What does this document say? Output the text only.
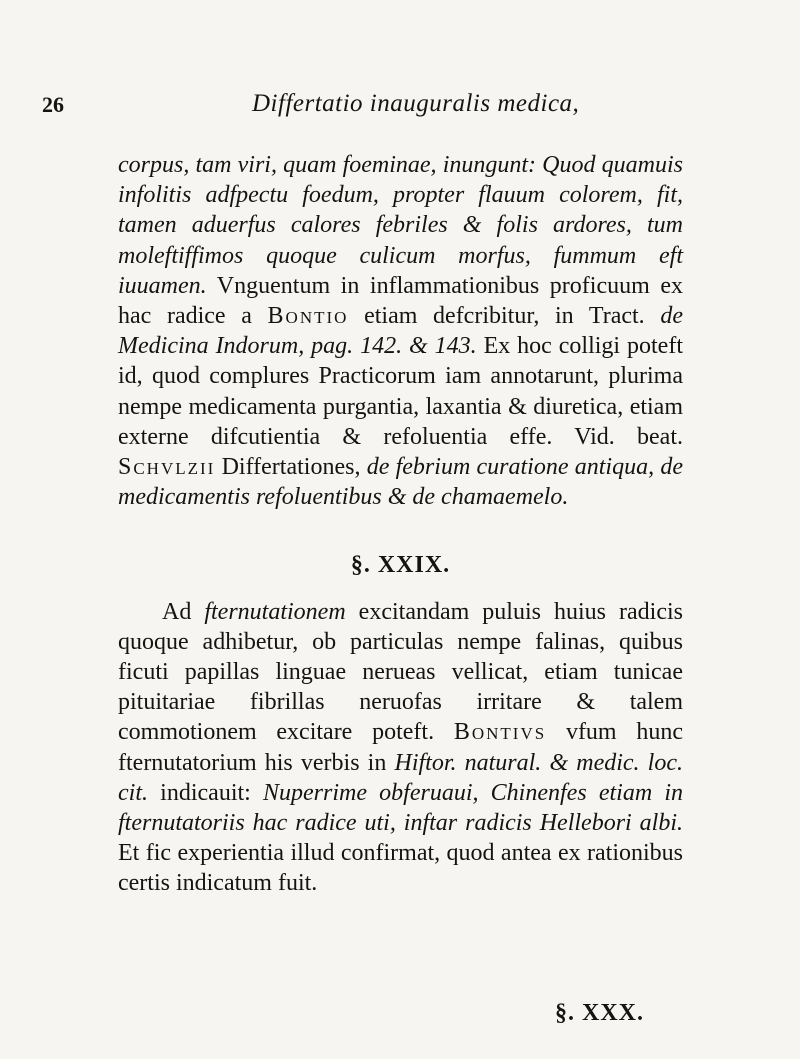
26	Differtatio inauguralis medica,

corpus, tam viri, quam foeminae, inungunt: Quod quamuis infolitis adfpectu foedum, propter flauum colorem, fit, tamen aduerfus calores febriles & folis ardores, tum moleftiffimos quoque culicum morfus, fummum eft iuuamen. Vnguentum in inflammationibus proficuum ex hac radice a Bontio etiam defcribitur, in Tract. de Medicina Indorum, pag. 142. & 143. Ex hoc colligi poteft id, quod complures Practicorum iam annotarunt, plurima nempe medicamenta purgantia, laxantia & diuretica, etiam externe difcutientia & refoluentia effe. Vid. beat. Schvlzii Differtationes, de febrium curatione antiqua, de medicamentis refoluentibus & de chamaemelo.

§. XXIX.

Ad fternutationem excitandam puluis huius radicis quoque adhibetur, ob particulas nempe falinas, quibus ficuti papillas linguae nerueas vellicat, etiam tunicae pituitariae fibrillas neruofas irritare & talem commotionem excitare poteft. Bontivs vfum hunc fternutatorium his verbis in Hiftor. natural. & medic. loc. cit. indicauit: Nuperrime obferuaui, Chinenfes etiam in fternutatoriis hac radice uti, inftar radicis Hellebori albi. Et fic experientia illud confirmat, quod antea ex rationibus certis indicatum fuit.

§. XXX.
